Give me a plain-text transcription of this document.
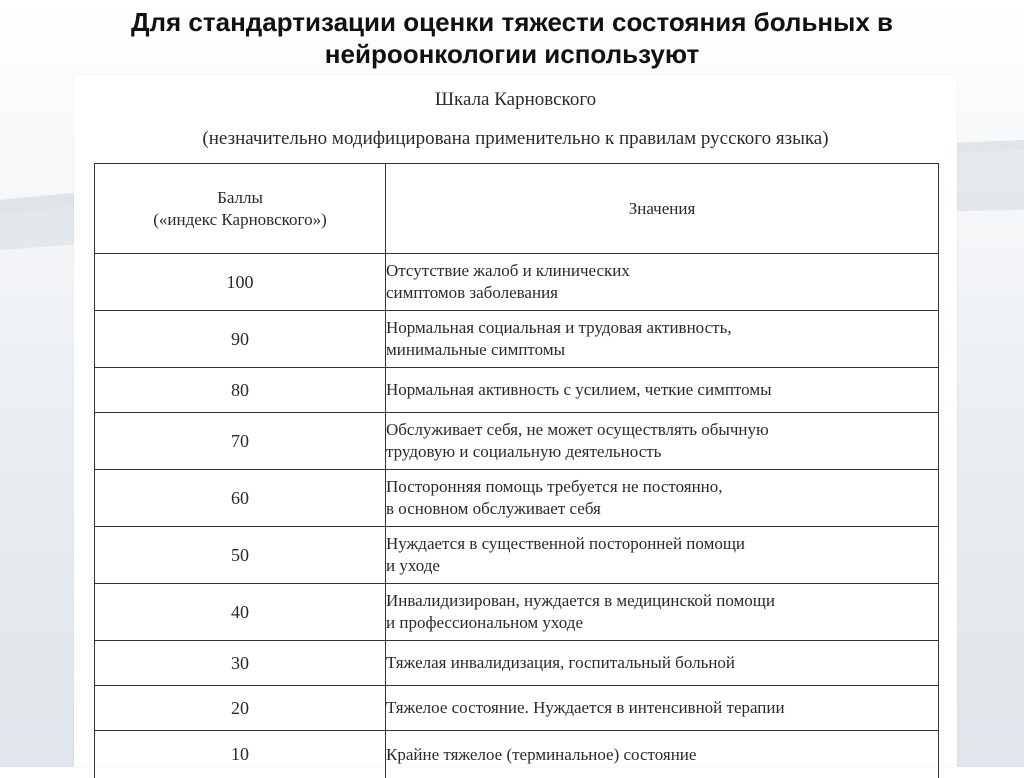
Для стандартизации оценки тяжести состояния больных в
нейроонкологии используют
Шкала Карновского
(незначительно модифицирована применительно к правилам русского языка)
Баллы
(«индекс Карновского»)	Значения
100	Отсутствие жалоб и клинических
симптомов заболевания

90	Нормальная социальная и трудовая активность,
минимальные симптомы

80	Нормальная активность с усилием, четкие симптомы

70	Обслуживает себя, не может осуществлять обычную
трудовую и социальную деятельность

60	Посторонняя помощь требуется не постоянно,
в основном обслуживает себя

50	Нуждается в существенной посторонней помощи
и уходе

40	Инвалидизирован, нуждается в медицинской помощи
и профессиональном уходе

30	Тяжелая инвалидизация, госпитальный больной

20	Тяжелое состояние. Нуждается в интенсивной терапии

10	Крайне тяжелое (терминальное) состояние
